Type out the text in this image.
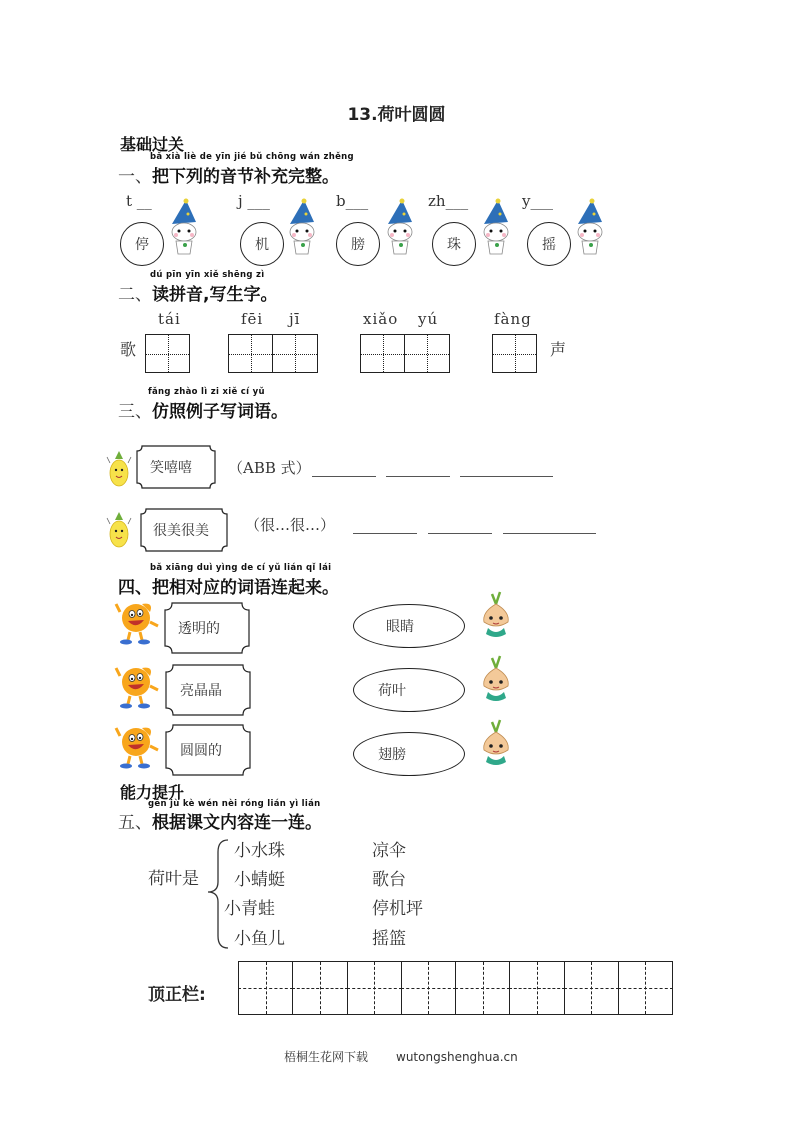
13.荷叶圆圆
基础过关
bǎ xià liè de yīn jié bǔ chōng wán zhěng
一、把下列的音节补充完整。
t __
停
j ___
机
b___
膀
zh___
珠
y___
摇
dú pīn yīn xiě shēng zì
二、读拼音,写生字。
tái	fēi jī	xiǎo yú	fàng
歌	声
fǎng zhào lì zi xiě cí yǔ
三、仿照例子写词语。
笑嘻嘻	（ABB 式）
很美很美	（很…很…）
bǎ xiāng duì yìng de cí yǔ lián qǐ lái
四、把相对应的词语连起来。
透明的
亮晶晶
圆圆的
眼睛
荷叶
翅膀
能力提升
gēn jù kè wén nèi róng lián yì lián
五、根据课文内容连一连。
荷叶是
小水珠
小蜻蜓
小青蛙
小鱼儿
凉伞
歌台
停机坪
摇篮
顶正栏:
梧桐生花网下载 wutongshenghua.cn
